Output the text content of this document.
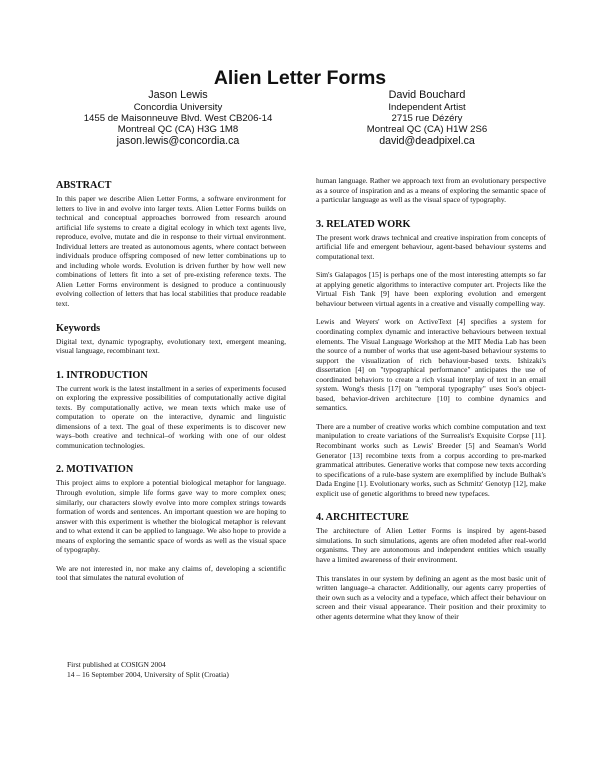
Alien Letter Forms
Jason Lewis
Concordia University
1455 de Maisonneuve Blvd. West CB206-14
Montreal QC (CA) H3G 1M8
jason.lewis@concordia.ca
David Bouchard
Independent Artist
2715 rue Dézéry
Montreal QC (CA) H1W 2S6
david@deadpixel.ca
ABSTRACT

In this paper we describe Alien Letter Forms, a software environment for letters to live in and evolve into larger texts. Alien Letter Forms builds on technical and conceptual approaches borrowed from research around artificial life systems to create a digital ecology in which text agents live, reproduce, evolve, mutate and die in response to their virtual environment. Individual letters are treated as autonomous agents, where contact between individuals produce offspring composed of new letter combinations up to and including whole words. Evolution is driven further by how well new combinations of letters fit into a set of pre-existing reference texts. The Alien Letter Forms environment is designed to produce a continuously evolving collection of letters that has local stabilities that produce readable text.

Keywords

Digital text, dynamic typography, evolutionary text, emergent meaning, visual language, recombinant text.

1. INTRODUCTION

The current work is the latest installment in a series of experiments focused on exploring the expressive possibilities of computationally active digital texts. By computationally active, we mean texts which make use of computation to operate on the interactive, dynamic and linguistic dimensions of a text. The goal of these experiments is to discover new ways–both creative and technical–of working with one of our oldest communication technologies.

2. MOTIVATION

This project aims to explore a potential biological metaphor for language. Through evolution, simple life forms gave way to more complex ones; similarly, our characters slowly evolve into more complex strings towards formation of words and sentences. An important question we are hoping to answer with this experiment is whether the biological metaphor is relevant and to what extend it can be applied to language. We also hope to provide a means of exploring the semantic space of words as well as the visual space of typography.

We are not interested in, nor make any claims of, developing a scientific tool that simulates the natural evolution of

human language. Rather we approach text from an evolutionary perspective as a source of inspiration and as a means of exploring the semantic space of a particular language as well as the visual space of typography.

3. RELATED WORK

The present work draws technical and creative inspiration from concepts of artificial life and emergent behaviour, agent-based behaviour systems and computational text.

Sim's Galapagos [15] is perhaps one of the most interesting attempts so far at applying genetic algorithms to interactive computer art. Projects like the Virtual Fish Tank [9] have been exploring evolution and emergent behaviour between virtual agents in a creative and visually compelling way.

Lewis and Weyers' work on ActiveText [4] specifies a system for coordinating complex dynamic and interactive behaviours between textual elements. The Visual Language Workshop at the MIT Media Lab has been the source of a number of works that use agent-based behaviour systems to support the visualization of rich behaviour-based texts. Ishizaki's dissertation [4] on "typographical performance" anticipates the use of coordinated behaviors to create a rich visual interplay of text in an email system. Wong's thesis [17] on "temporal typography" uses Soo's object-based, behavior-driven architecture [10] to combine dynamics and semantics.

There are a number of creative works which combine computation and text manipulation to create variations of the Surrealist's Exquisite Corpse [11]. Recombinant works such as Lewis' Breeder [5] and Seaman's World Generator [13] recombine texts from a corpus according to pre-marked grammatical attributes. Generative works that compose new texts according to specifications of a rule-base system are exemplified by include Bulhak's Dada Engine [1]. Evolutionary works, such as Schmitz' Genotyp [12], make explicit use of genetic algorithms to breed new typefaces.

4. ARCHITECTURE

The architecture of Alien Letter Forms is inspired by agent-based simulations. In such simulations, agents are often modeled after real-world organisms. They are autonomous and independent entities which usually have a limited awareness of their environment.

This translates in our system by defining an agent as the most basic unit of written language–a character. Additionally, our agents carry properties of their own such as a velocity and a typeface, which affect their behaviour on screen and their visual appearance. Their position and their proximity to other agents determine what they know of their

First published at COSIGN 2004
14 – 16 September 2004, University of Split (Croatia)
